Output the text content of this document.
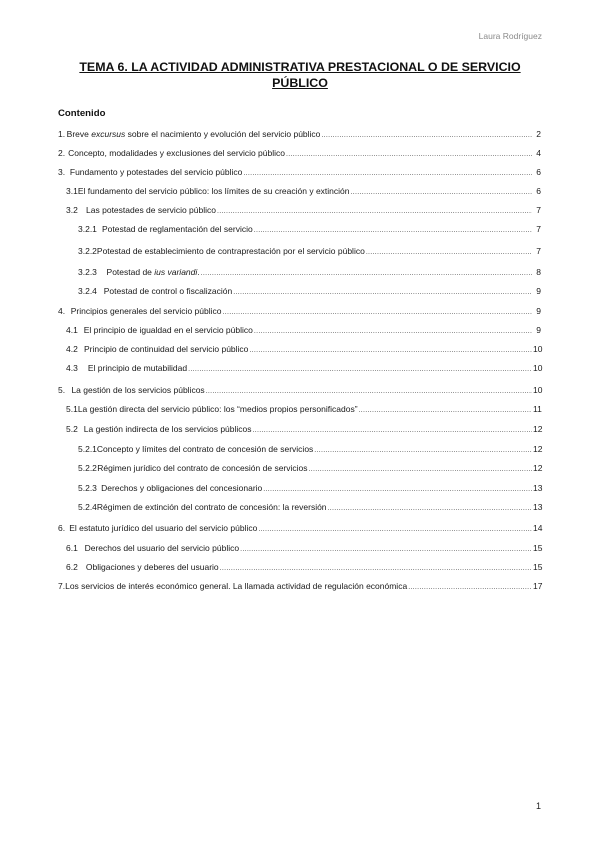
Laura Rodríguez
TEMA 6. LA ACTIVIDAD ADMINISTRATIVA PRESTACIONAL O DE SERVICIO PÚBLICO
Contenido
1. Breve excursus sobre el nacimiento y evolución del servicio público .....	2
2. Concepto, modalidades y exclusiones del servicio público .....	4
3. Fundamento y potestades del servicio público .....	6
3.1 El fundamento del servicio público: los límites de su creación y extinción .....	6
3.2 Las potestades de servicio público .....	7
3.2.1 Potestad de reglamentación del servicio .....	7
3.2.2 Potestad de establecimiento de contraprestación por el servicio público .....	7
3.2.3	Potestad de ius variandi. .....	8
3.2.4 Potestad de control o fiscalización .....	9
4. Principios generales del servicio público .....	9
4.1 El principio de igualdad en el servicio público .....	9
4.2 Principio de continuidad del servicio público .....	10
4.3	El principio de mutabilidad .....	10
5. La gestión de los servicios públicos .....	10
5.1 La gestión directa del servicio público: los “medios propios personificados” .....	11
5.2 La gestión indirecta de los servicios públicos .....	12
5.2.1 Concepto y límites del contrato de concesión de servicios .....	12
5.2.2 Régimen jurídico del contrato de concesión de servicios .....	12
5.2.3 Derechos y obligaciones del concesionario .....	13
5.2.4 Régimen de extinción del contrato de concesión: la reversión .....	13
6. El estatuto jurídico del usuario del servicio público .....	14
6.1 Derechos del usuario del servicio público .....	15
6.2 Obligaciones y deberes del usuario .....	15
7. Los servicios de interés económico general. La llamada actividad de regulación económica .....	17
1
